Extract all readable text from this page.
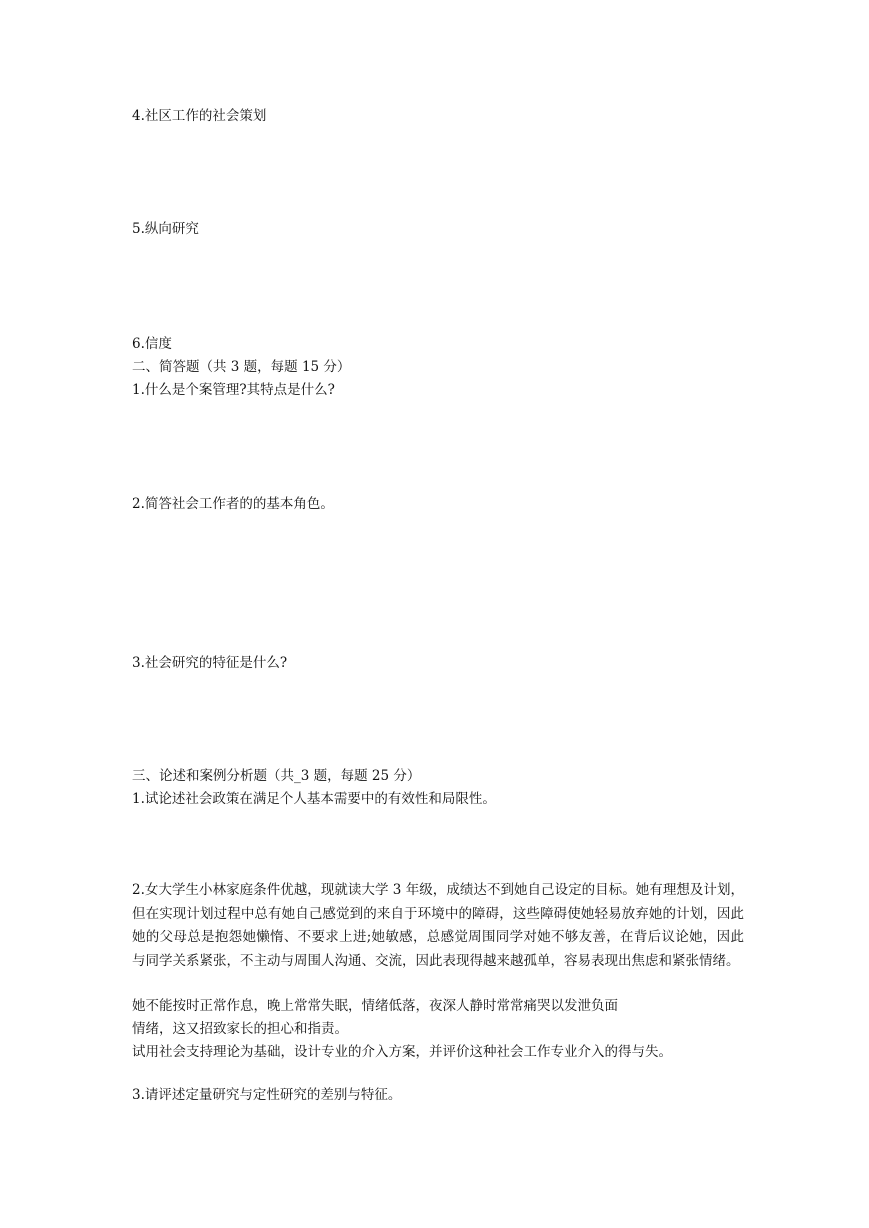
4.社区工作的社会策划
5.纵向研究
6.信度
二、简答题（共 3 题，每题 15 分）
1.什么是个案管理?其特点是什么?
2.简答社会工作者的的基本角色。
3.社会研究的特征是什么?
三、论述和案例分析题（共_3 题，每题 25 分）
1.试论述社会政策在满足个人基本需要中的有效性和局限性。
2.女大学生小林家庭条件优越，现就读大学 3 年级，成绩达不到她自己设定的目标。她有理想及计划，但在实现计划过程中总有她自己感觉到的来自于环境中的障碍，这些障碍使她轻易放弃她的计划，因此她的父母总是抱怨她懒惰、不要求上进;她敏感，总感觉周围同学对她不够友善，在背后议论她，因此与同学关系紧张，不主动与周围人沟通、交流，因此表现得越来越孤单，容易表现出焦虑和紧张情绪。
她不能按时正常作息，晚上常常失眠，情绪低落，夜深人静时常常痛哭以发泄负面
情绪，这又招致家长的担心和指责。
试用社会支持理论为基础，设计专业的介入方案，并评价这种社会工作专业介入的得与失。
3.请评述定量研究与定性研究的差别与特征。
